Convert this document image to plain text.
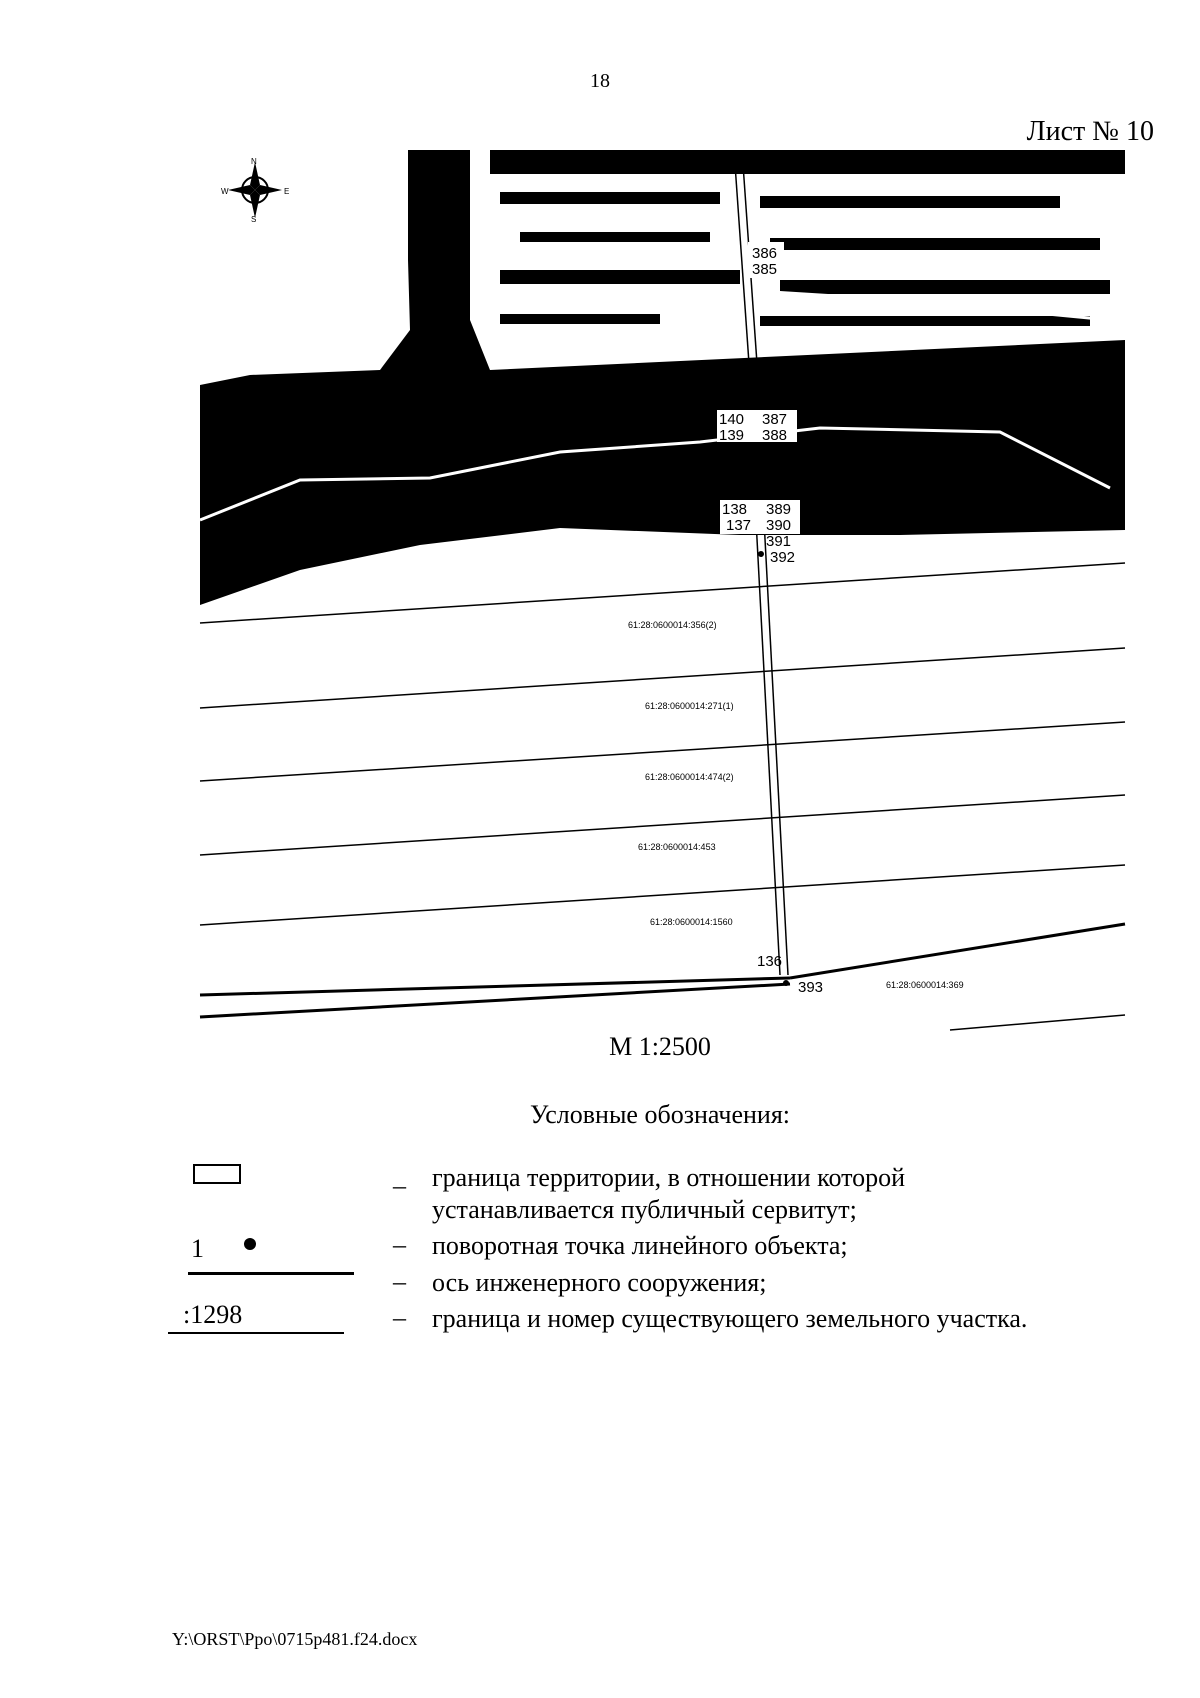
18
Лист № 10
N
S
W	E
386
385
140 387
139 388
138 389
137 390
391
392
136
393
61:28:0600014:356(2)
61:28:0600014:271(1)
61:28:0600014:474(2)
61:28:0600014:453
61:28:0600014:1560
61:28:0600014:369
М 1:2500
Условные обозначения:
_ граница территории, в отношении которой
устанавливается публичный сервитут;
1	– поворотная точка линейного объекта;
– ось инженерного сооружения;
:1298	– граница и номер существующего земельного участка.
Y:\ORST\Ppo\0715p481.f24.docx
